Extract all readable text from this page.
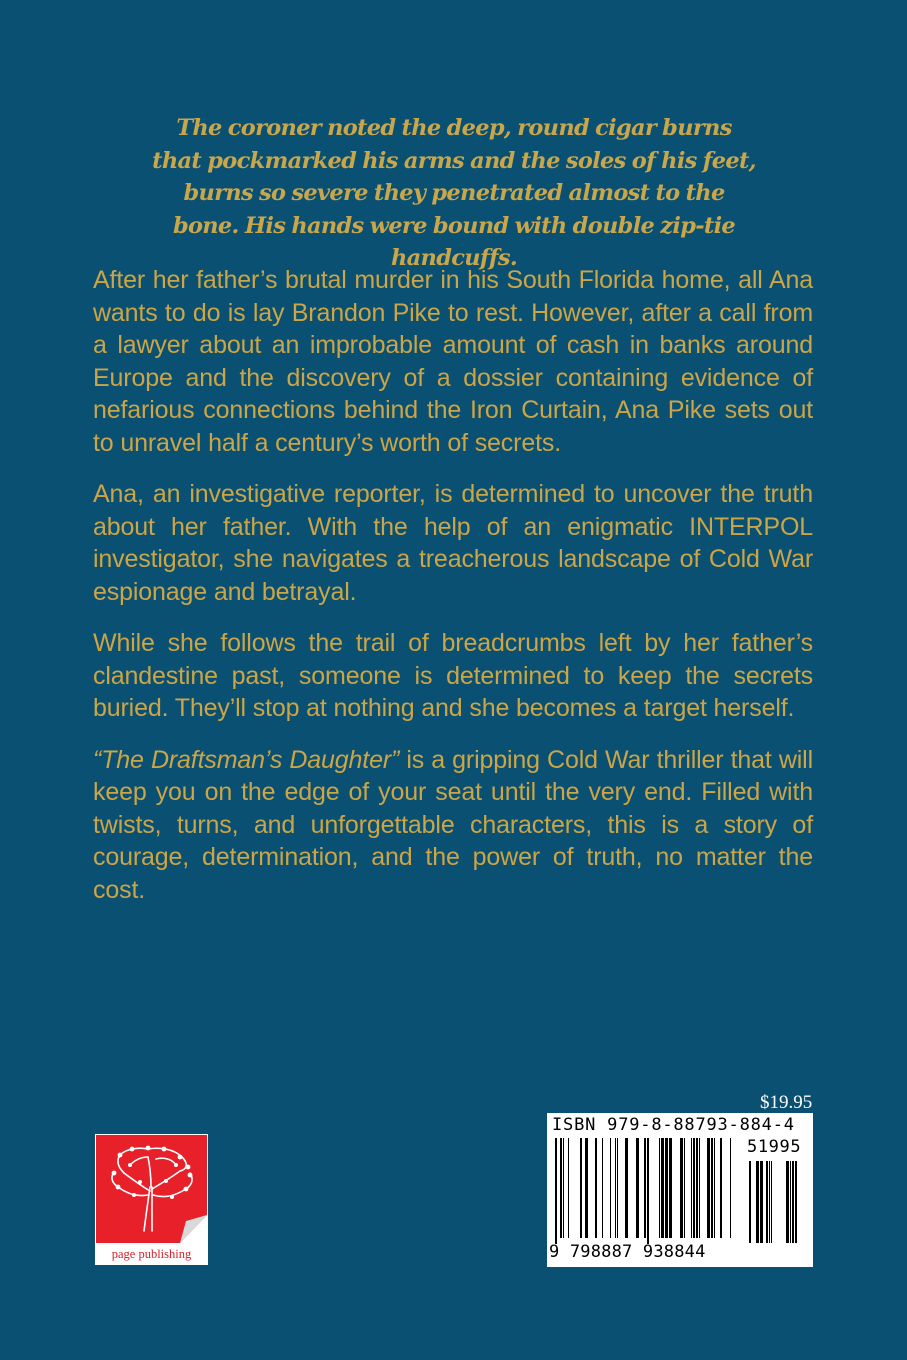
The coroner noted the deep, round cigar burns that pockmarked his arms and the soles of his feet, burns so severe they penetrated almost to the bone. His hands were bound with double zip-tie handcuffs.

After her father’s brutal murder in his South Florida home, all Ana wants to do is lay Brandon Pike to rest. However, after a call from a lawyer about an improbable amount of cash in banks around Europe and the discovery of a dossier containing evidence of nefarious connections behind the Iron Curtain, Ana Pike sets out to unravel half a century’s worth of secrets.

Ana, an investigative reporter, is determined to uncover the truth about her father. With the help of an enigmatic INTERPOL investigator, she navigates a treacherous landscape of Cold War espionage and betrayal.

While she follows the trail of breadcrumbs left by her father’s clandestine past, someone is determined to keep the secrets buried. They’ll stop at nothing and she becomes a target herself.

“The Draftsman’s Daughter” is a gripping Cold War thriller that will keep you on the edge of your seat until the very end. Filled with twists, turns, and unforgettable characters, this is a story of courage, determination, and the power of truth, no matter the cost.

page publishing
$19.95
ISBN 979-8-88793-884-4
51995
9 798887 938844
